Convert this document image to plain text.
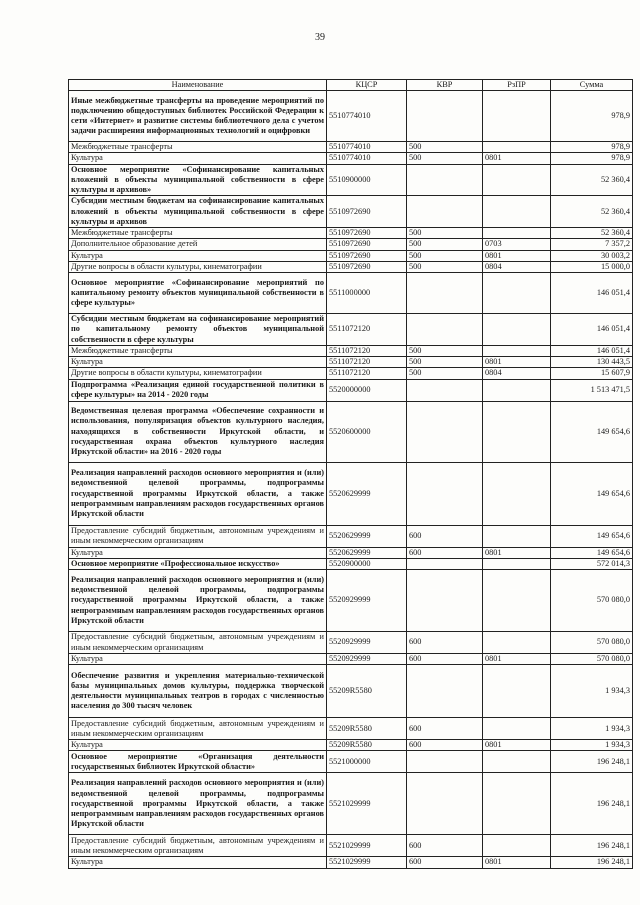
39
Наименование	КЦСР	КВР	РзПР	Сумма
Иные межбюджетные трансферты на проведение мероприятий по подключению общедоступных библиотек Российской Федерации к сети «Интернет» и развитие системы библиотечного дела с учетом задачи расширения информационных технологий и оцифровки	5510774010			978,9
Межбюджетные трансферты	5510774010	500		978,9
Культура	5510774010	500	0801	978,9
Основное мероприятие «Софинансирование капитальных вложений в объекты муниципальной собственности в сфере культуры и архивов»	5510900000			52 360,4
Субсидии местным бюджетам на софинансирование капитальных вложений в объекты муниципальной собственности в сфере культуры и архивов	5510972690			52 360,4
Межбюджетные трансферты	5510972690	500		52 360,4
Дополнительное образование детей	5510972690	500	0703	7 357,2
Культура	5510972690	500	0801	30 003,2
Другие вопросы в области культуры, кинематографии	5510972690	500	0804	15 000,0
Основное мероприятие «Софинансирование мероприятий по капитальному ремонту объектов муниципальной собственности в сфере культуры»	5511000000			146 051,4
Субсидии местным бюджетам на софинансирование мероприятий по капитальному ремонту объектов муниципальной собственности в сфере культуры	5511072120			146 051,4
Межбюджетные трансферты	5511072120	500		146 051,4
Культура	5511072120	500	0801	130 443,5
Другие вопросы в области культуры, кинематографии	5511072120	500	0804	15 607,9
Подпрограмма «Реализация единой государственной политики в сфере культуры» на 2014 - 2020 годы	5520000000			1 513 471,5
Ведомственная целевая программа «Обеспечение сохранности и использования, популяризация объектов культурного наследия, находящихся в собственности Иркутской области, и государственная охрана объектов культурного наследия Иркутской области» на 2016 - 2020 годы	5520600000			149 654,6
Реализация направлений расходов основного мероприятия и (или) ведомственной целевой программы, подпрограммы государственной программы Иркутской области, а также непрограммным направлениям расходов государственных органов Иркутской области	5520629999			149 654,6
Предоставление субсидий бюджетным, автономным учреждениям и иным некоммерческим организациям	5520629999	600		149 654,6
Культура	5520629999	600	0801	149 654,6
Основное мероприятие «Профессиональное искусство»	5520900000			572 014,3
Реализация направлений расходов основного мероприятия и (или) ведомственной целевой программы, подпрограммы государственной программы Иркутской области, а также непрограммным направлениям расходов государственных органов Иркутской области	5520929999			570 080,0
Предоставление субсидий бюджетным, автономным учреждениям и иным некоммерческим организациям	5520929999	600		570 080,0
Культура	5520929999	600	0801	570 080,0
Обеспечение развития и укрепления материально-технической базы муниципальных домов культуры, поддержка творческой деятельности муниципальных театров в городах с численностью населения до 300 тысяч человек	55209R5580			1 934,3
Предоставление субсидий бюджетным, автономным учреждениям и иным некоммерческим организациям	55209R5580	600		1 934,3
Культура	55209R5580	600	0801	1 934,3
Основное мероприятие «Организация деятельности государственных библиотек Иркутской области»	5521000000			196 248,1
Реализация направлений расходов основного мероприятия и (или) ведомственной целевой программы, подпрограммы государственной программы Иркутской области, а также непрограммным направлениям расходов государственных органов Иркутской области	5521029999			196 248,1
Предоставление субсидий бюджетным, автономным учреждениям и иным некоммерческим организациям	5521029999	600		196 248,1
Культура	5521029999	600	0801	196 248,1
